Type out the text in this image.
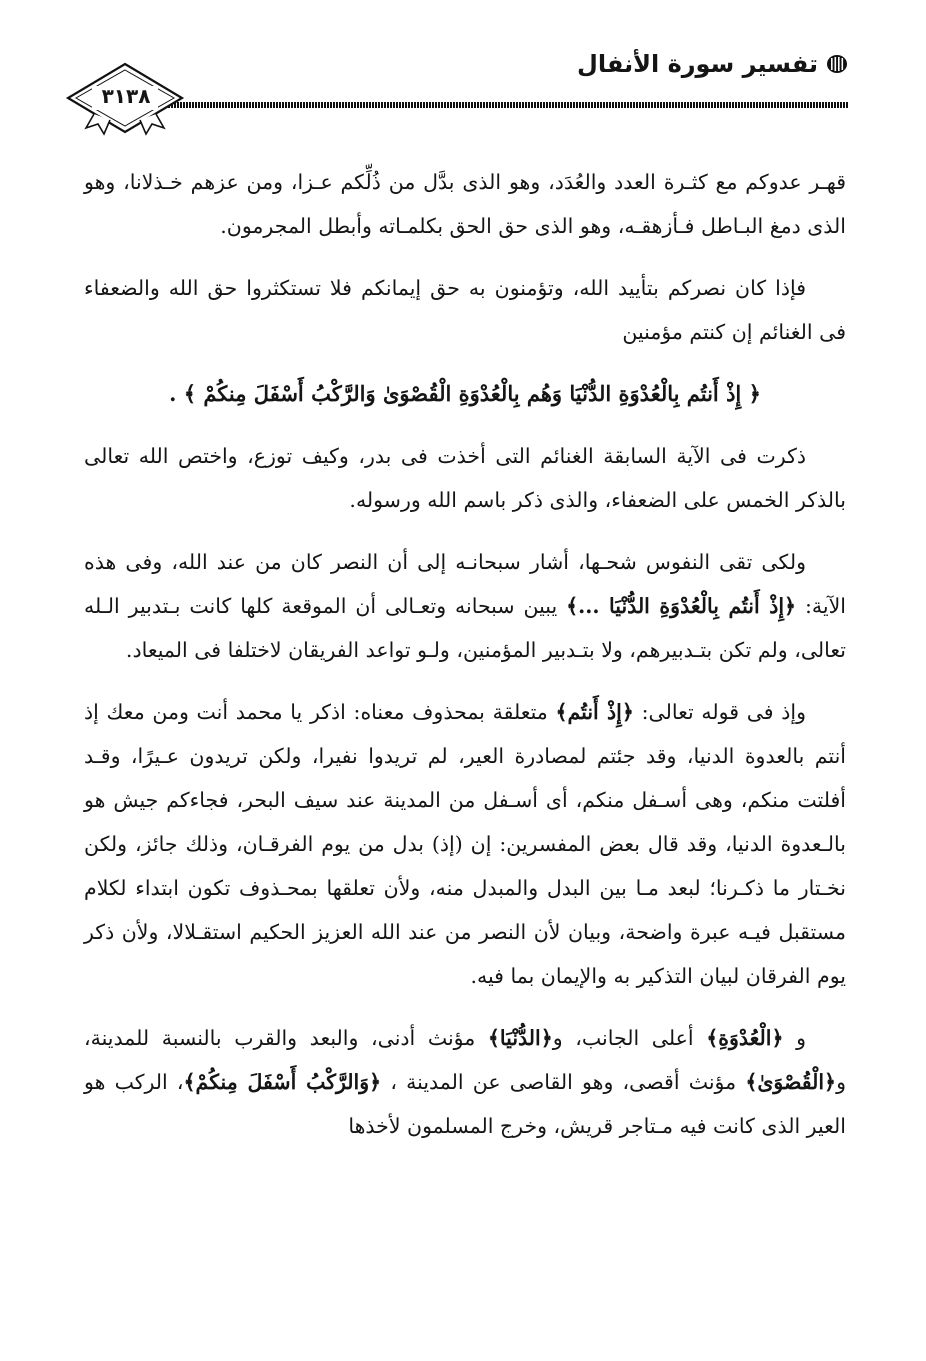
تفسير سورة الأنفال
٣١٣٨

قهـر عدوكم مع كثـرة العدد والعُدَد، وهو الذى بدَّل من ذُلِّكم عـزا، ومن عزهم خـذلانا، وهو الذى دمغ البـاطل فـأزهقـه، وهو الذى حق الحق بكلمـاته وأبطل المجرمون.

فإذا كان نصركم بتأييد الله، وتؤمنون به حق إيمانكم فلا تستكثروا حق الله والضعفاء فى الغنائم إن كنتم مؤمنين

﴿ إِذْ أَنتُم بِالْعُدْوَةِ الدُّنْيَا وَهُم بِالْعُدْوَةِ الْقُصْوَىٰ وَالرَّكْبُ أَسْفَلَ مِنكُمْ ﴾ .

ذكرت فى الآية السابقة الغنائم التى أخذت فى بدر، وكيف توزع، واختص الله تعالى بالذكر الخمس على الضعفاء، والذى ذكر باسم الله ورسوله.

ولكى تقى النفوس شحـها، أشار سبحانـه إلى أن النصر كان من عند الله، وفى هذه الآية: ﴿إِذْ أَنتُم بِالْعُدْوَةِ الدُّنْيَا ...﴾ يبين سبحانه وتعـالى أن الموقعة كلها كانت بـتدبير الـله تعالى، ولم تكن بتـدبيرهم، ولا بتـدبير المؤمنين، ولـو تواعد الفريقان لاختلفا فى الميعاد.

وإذ فى قوله تعالى: ﴿إِذْ أَنتُم﴾ متعلقة بمحذوف معناه: اذكر يا محمد أنت ومن معك إذ أنتم بالعدوة الدنيا، وقد جئتم لمصادرة العير، لم تريدوا نفيرا، ولكن تريدون عـيرًا، وقـد أفلتت منكم، وهى أسـفل منكم، أى أسـفل من المدينة عند سيف البحر، فجاءكم جيش هو بالـعدوة الدنيا، وقد قال بعض المفسرين: إن (إذ) بدل من يوم الفرقـان، وذلك جائز، ولكن نخـتار ما ذكـرنا؛ لبعد مـا بين البدل والمبدل منه، ولأن تعلقها بمحـذوف تكون ابتداء لكلام مستقبل فيـه عبرة واضحة، وبيان لأن النصر من عند الله العزيز الحكيم استقـلالا، ولأن ذكر يوم الفرقان لبيان التذكير به والإيمان بما فيه.

و ﴿الْعُدْوَةِ﴾ أعلى الجانب، و﴿الدُّنْيَا﴾ مؤنث أدنى، والبعد والقرب بالنسبة للمدينة، و﴿الْقُصْوَىٰ﴾ مؤنث أقصى، وهو القاصى عن المدينة ، ﴿وَالرَّكْبُ أَسْفَلَ مِنكُمْ﴾، الركب هو العير الذى كانت فيه مـتاجر قريش، وخرج المسلمون لأخذها
